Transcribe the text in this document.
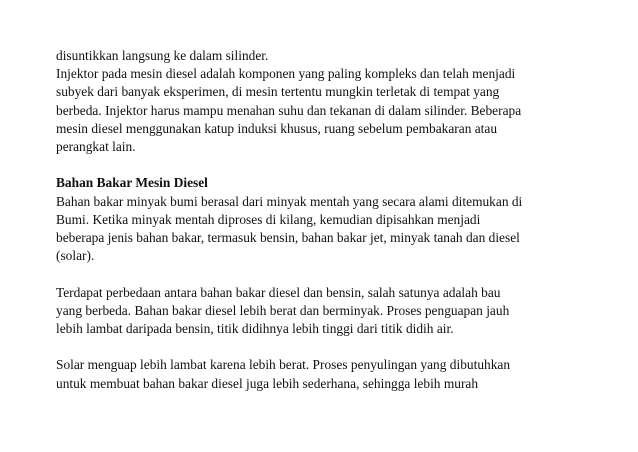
disuntikkan langsung ke dalam silinder.
Injektor pada mesin diesel adalah komponen yang paling kompleks dan telah menjadi
subyek dari banyak eksperimen, di mesin tertentu mungkin terletak di tempat yang
berbeda. Injektor harus mampu menahan suhu dan tekanan di dalam silinder. Beberapa
mesin diesel menggunakan katup induksi khusus, ruang sebelum pembakaran atau
perangkat lain.
Bahan Bakar Mesin Diesel
Bahan bakar minyak bumi berasal dari minyak mentah yang secara alami ditemukan di
Bumi. Ketika minyak mentah diproses di kilang, kemudian dipisahkan menjadi
beberapa jenis bahan bakar, termasuk bensin, bahan bakar jet, minyak tanah dan diesel
(solar).
Terdapat perbedaan antara bahan bakar diesel dan bensin, salah satunya adalah bau
yang berbeda. Bahan bakar diesel lebih berat dan berminyak. Proses penguapan jauh
lebih lambat daripada bensin, titik didihnya lebih tinggi dari titik didih air.
Solar menguap lebih lambat karena lebih berat. Proses penyulingan yang dibutuhkan
untuk membuat bahan bakar diesel juga lebih sederhana, sehingga lebih murah
